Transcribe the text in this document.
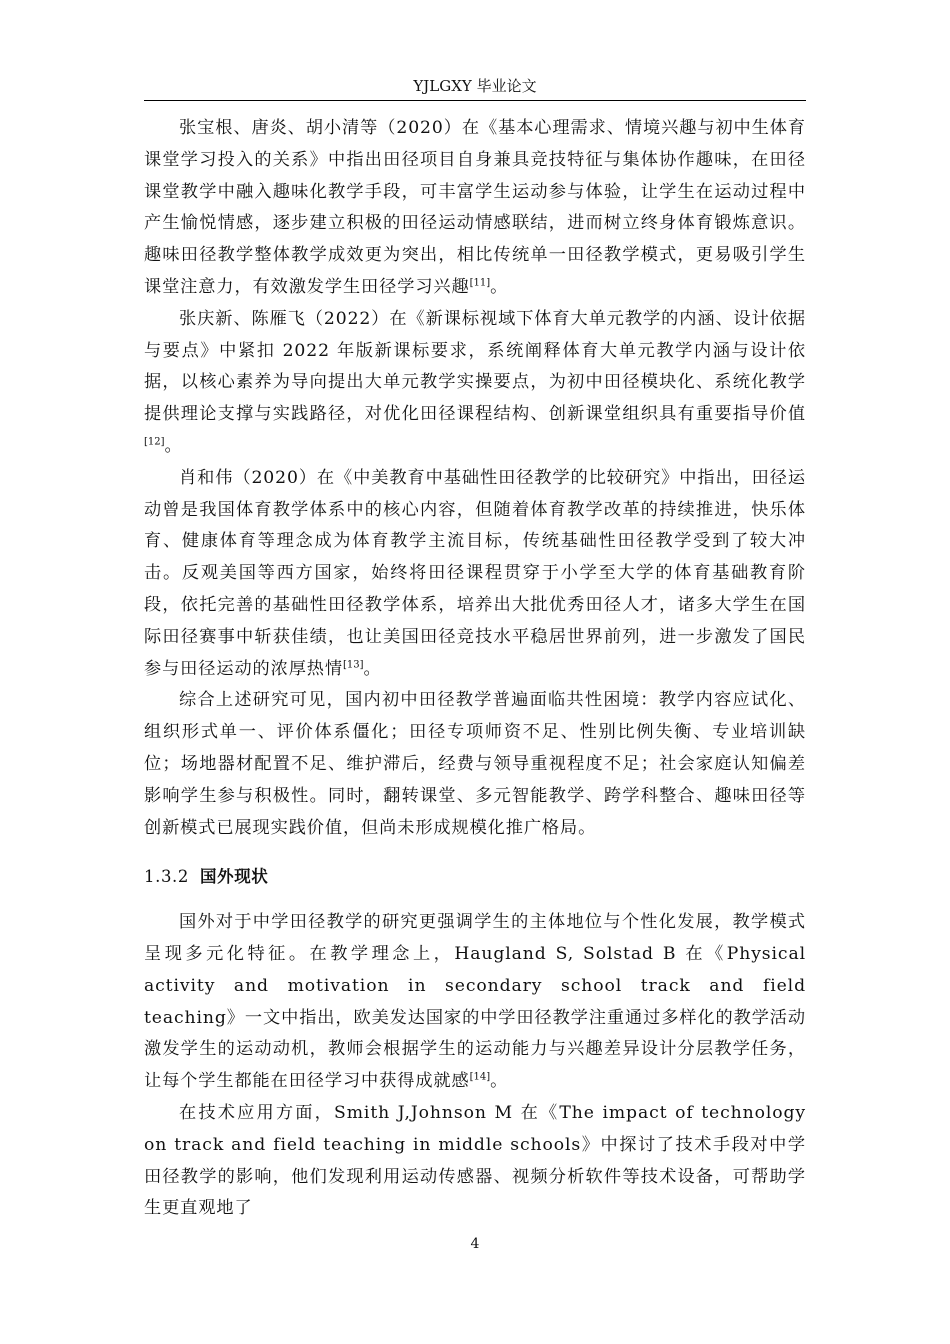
YJLGXY 毕业论文

张宝根、唐炎、胡小清等（2020）在《基本心理需求、情境兴趣与初中生体育课堂学习投入的关系》中指出田径项目自身兼具竞技特征与集体协作趣味，在田径课堂教学中融入趣味化教学手段，可丰富学生运动参与体验，让学生在运动过程中产生愉悦情感，逐步建立积极的田径运动情感联结，进而树立终身体育锻炼意识。趣味田径教学整体教学成效更为突出，相比传统单一田径教学模式，更易吸引学生课堂注意力，有效激发学生田径学习兴趣[11]。

张庆新、陈雁飞（2022）在《新课标视域下体育大单元教学的内涵、设计依据与要点》中紧扣 2022 年版新课标要求，系统阐释体育大单元教学内涵与设计依据，以核心素养为导向提出大单元教学实操要点，为初中田径模块化、系统化教学提供理论支撑与实践路径，对优化田径课程结构、创新课堂组织具有重要指导价值[12]。

肖和伟（2020）在《中美教育中基础性田径教学的比较研究》中指出，田径运动曾是我国体育教学体系中的核心内容，但随着体育教学改革的持续推进，快乐体育、健康体育等理念成为体育教学主流目标，传统基础性田径教学受到了较大冲击。反观美国等西方国家，始终将田径课程贯穿于小学至大学的体育基础教育阶段，依托完善的基础性田径教学体系，培养出大批优秀田径人才，诸多大学生在国际田径赛事中斩获佳绩，也让美国田径竞技水平稳居世界前列，进一步激发了国民参与田径运动的浓厚热情[13]。

综合上述研究可见，国内初中田径教学普遍面临共性困境：教学内容应试化、组织形式单一、评价体系僵化；田径专项师资不足、性别比例失衡、专业培训缺位；场地器材配置不足、维护滞后，经费与领导重视程度不足；社会家庭认知偏差影响学生参与积极性。同时，翻转课堂、多元智能教学、跨学科整合、趣味田径等创新模式已展现实践价值，但尚未形成规模化推广格局。

1.3.2 国外现状

国外对于中学田径教学的研究更强调学生的主体地位与个性化发展，教学模式呈现多元化特征。在教学理念上，Haugland S, Solstad B 在《Physical activity and motivation in secondary school track and field teaching》一文中指出，欧美发达国家的中学田径教学注重通过多样化的教学活动激发学生的运动动机，教师会根据学生的运动能力与兴趣差异设计分层教学任务，让每个学生都能在田径学习中获得成就感[14]。

在技术应用方面，Smith J,Johnson M 在《The impact of technology on track and field teaching in middle schools》中探讨了技术手段对中学田径教学的影响，他们发现利用运动传感器、视频分析软件等技术设备，可帮助学生更直观地了

4
